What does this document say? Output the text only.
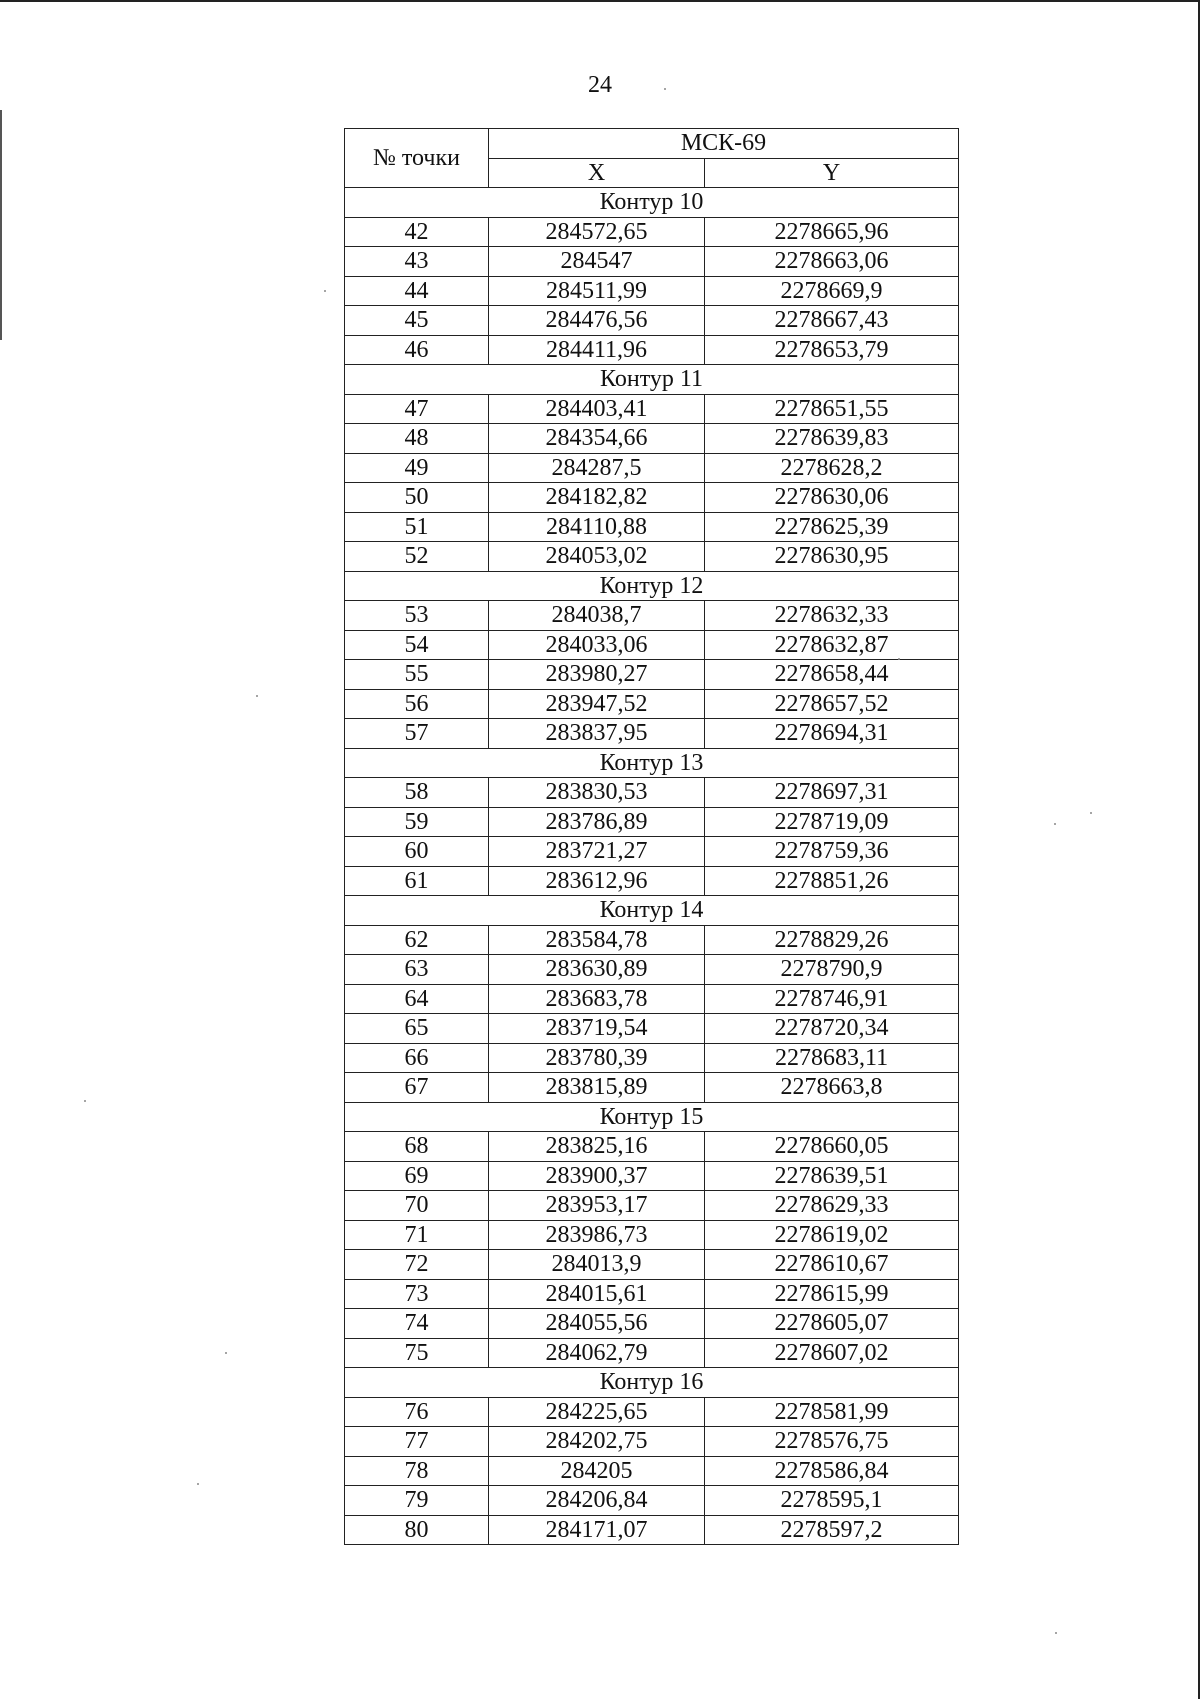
24
№ точки	МСК-69	
	X	Y
Контур 10		
42	284572,65	2278665,96
43	284547	2278663,06
44	284511,99	2278669,9
45	284476,56	2278667,43
46	284411,96	2278653,79
Контур 11		
47	284403,41	2278651,55
48	284354,66	2278639,83
49	284287,5	2278628,2
50	284182,82	2278630,06
51	284110,88	2278625,39
52	284053,02	2278630,95
Контур 12		
53	284038,7	2278632,33
54	284033,06	2278632,87
55	283980,27	2278658,44
56	283947,52	2278657,52
57	283837,95	2278694,31
Контур 13		
58	283830,53	2278697,31
59	283786,89	2278719,09
60	283721,27	2278759,36
61	283612,96	2278851,26
Контур 14		
62	283584,78	2278829,26
63	283630,89	2278790,9
64	283683,78	2278746,91
65	283719,54	2278720,34
66	283780,39	2278683,11
67	283815,89	2278663,8
Контур 15		
68	283825,16	2278660,05
69	283900,37	2278639,51
70	283953,17	2278629,33
71	283986,73	2278619,02
72	284013,9	2278610,67
73	284015,61	2278615,99
74	284055,56	2278605,07
75	284062,79	2278607,02
Контур 16		
76	284225,65	2278581,99
77	284202,75	2278576,75
78	284205	2278586,84
79	284206,84	2278595,1
80	284171,07	2278597,2
